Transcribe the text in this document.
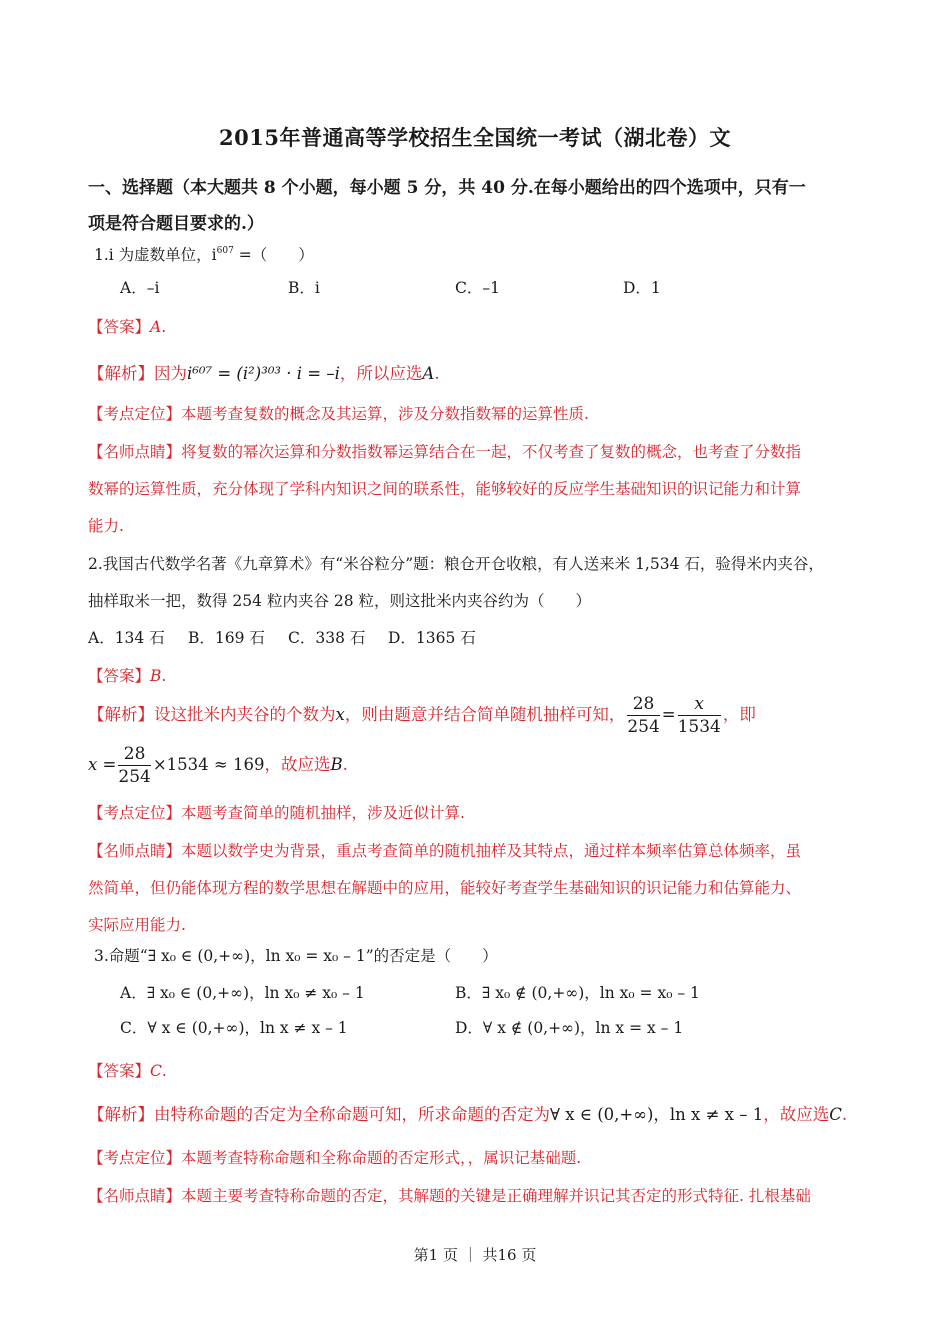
2015年普通高等学校招生全国统一考试（湖北卷）文
一、选择题（本大题共 8 个小题，每小题 5 分，共 40 分.在每小题给出的四个选项中，只有一
项是符合题目要求的.）
1.i 为虚数单位，$i^{607}$ =（　　）
A．–i	B．i	C．–1	D．1
【答案】A.
【解析】因为i⁶⁰⁷ = (i²)³⁰³ · i = –i，所以应选A.
【考点定位】本题考查复数的概念及其运算，涉及分数指数幂的运算性质.
【名师点睛】将复数的幂次运算和分数指数幂运算结合在一起，不仅考查了复数的概念，也考查了分数指
数幂的运算性质，充分体现了学科内知识之间的联系性，能够较好的反应学生基础知识的识记能力和计算
能力.
2.我国古代数学名著《九章算术》有“米谷粒分”题：粮仓开仓收粮，有人送来米 1,534 石，验得米内夹谷，
抽样取米一把，数得 254 粒内夹谷 28 粒，则这批米内夹谷约为（　　）
A．134 石 B．169 石 C．338 石 D．1365 石
【答案】B.
【解析】设这批米内夹谷的个数为x，则由题意并结合简单随机抽样可知， $\frac{28}{254} = \frac{x}{1534}$ ，即
$x = \frac{28}{254} \times 1534 \approx 169$，故应选B.
【考点定位】本题考查简单的随机抽样，涉及近似计算.
【名师点睛】本题以数学史为背景，重点考查简单的随机抽样及其特点，通过样本频率估算总体频率，虽
然简单，但仍能体现方程的数学思想在解题中的应用，能较好考查学生基础知识的识记能力和估算能力、
实际应用能力.
3.命题“∃ x₀ ∈ (0,+∞)，ln x₀ = x₀ – 1”的否定是（　　）
A．∃ x₀ ∈ (0,+∞)，ln x₀ ≠ x₀ – 1	B．∃ x₀ ∉ (0,+∞)，ln x₀ = x₀ – 1
C．∀ x ∈ (0,+∞)，ln x ≠ x – 1	D．∀ x ∉ (0,+∞)，ln x = x – 1
【答案】C.
【解析】由特称命题的否定为全称命题可知，所求命题的否定为∀ x ∈ (0,+∞)，ln x ≠ x – 1，故应选C.
【考点定位】本题考查特称命题和全称命题的否定形式，，属识记基础题.
【名师点睛】本题主要考查特称命题的否定，其解题的关键是正确理解并识记其否定的形式特征. 扎根基础
第1 页 ｜ 共16 页
